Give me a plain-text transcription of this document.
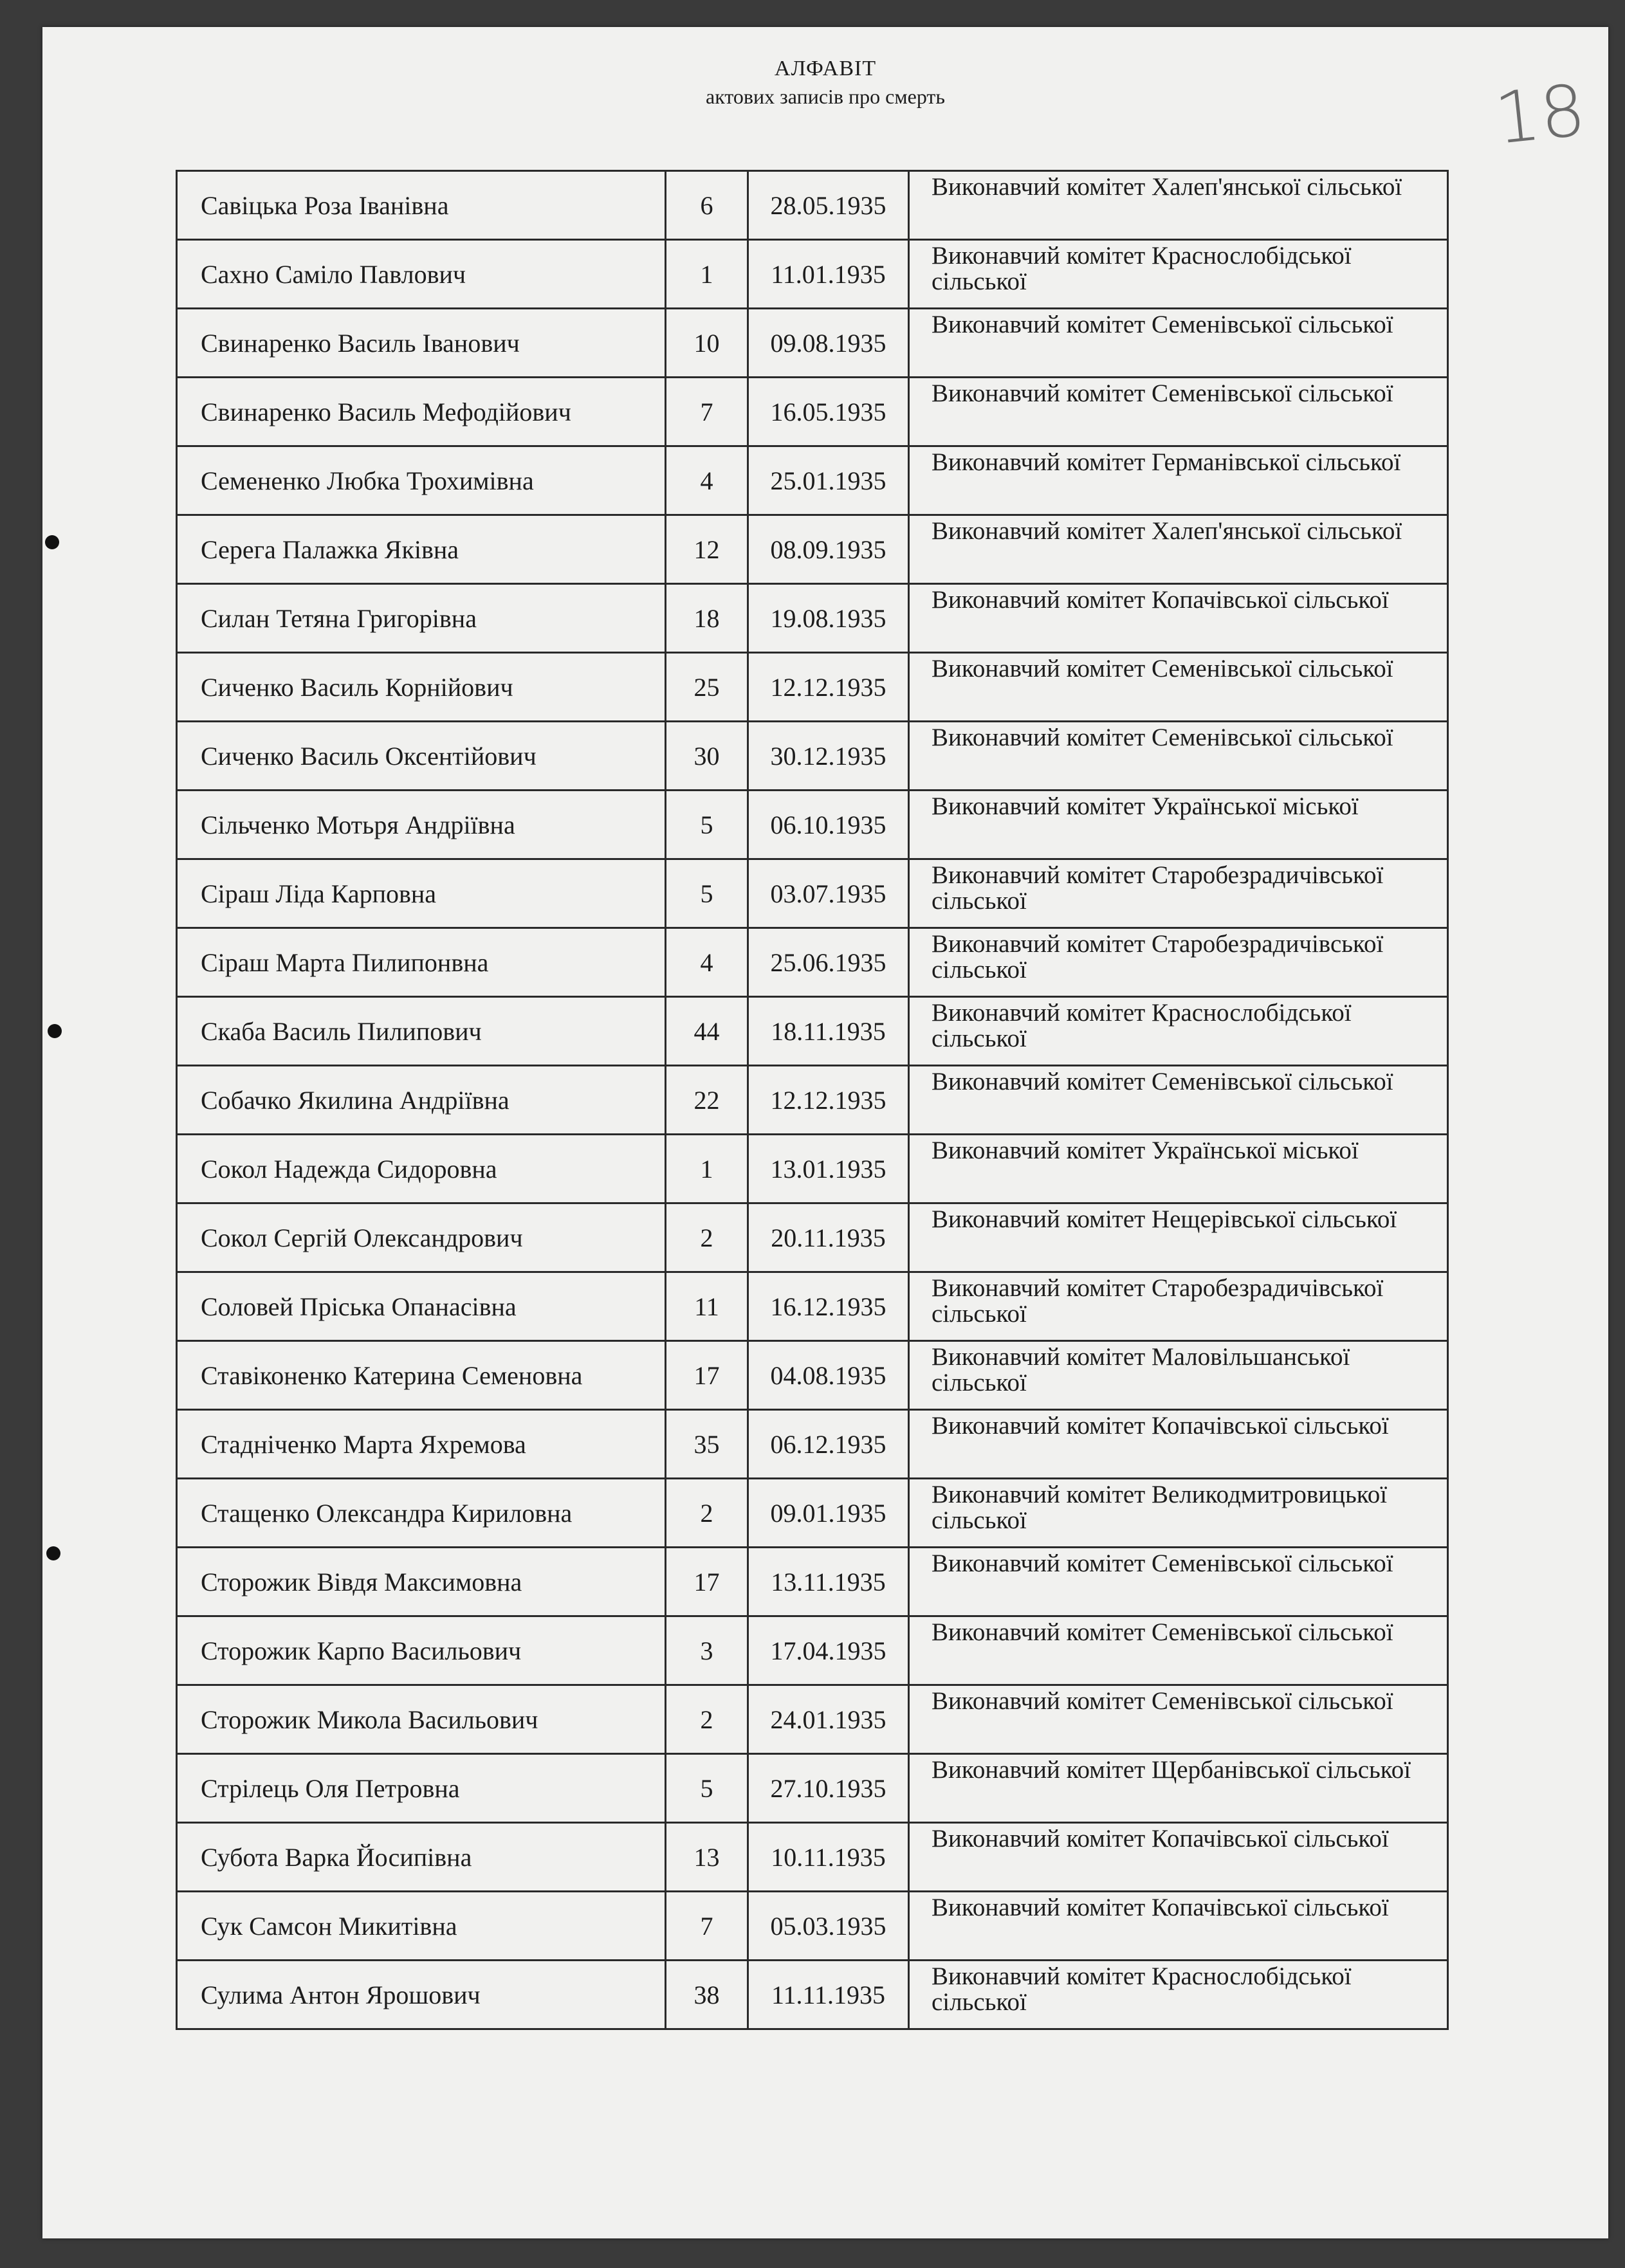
АЛФАВІТ
актових записів про смерть	18
Савіцька Роза Іванівна	6	28.05.1935	Виконавчий комітет Халеп'янської сільської
Сахно Саміло Павлович	1	11.01.1935	Виконавчий комітет Краснослобідської сільської
Свинаренко Василь Іванович	10	09.08.1935	Виконавчий комітет Семенівської сільської
Свинаренко Василь Мефодійович	7	16.05.1935	Виконавчий комітет Семенівської сільської
Семененко Любка Трохимівна	4	25.01.1935	Виконавчий комітет Германівської сільської
Серега Палажка Яківна	12	08.09.1935	Виконавчий комітет Халеп'янської сільської
Силан Тетяна Григорівна	18	19.08.1935	Виконавчий комітет Копачівської сільської
Сиченко Василь Корнійович	25	12.12.1935	Виконавчий комітет Семенівської сільської
Сиченко Василь Оксентійович	30	30.12.1935	Виконавчий комітет Семенівської сільської
Сільченко Мотьря Андріївна	5	06.10.1935	Виконавчий комітет Української міської
Сіраш Ліда Карповна	5	03.07.1935	Виконавчий комітет Старобезрадичівської сільської
Сіраш Марта Пилипонвна	4	25.06.1935	Виконавчий комітет Старобезрадичівської сільської
Скаба Василь Пилипович	44	18.11.1935	Виконавчий комітет Краснослобідської сільської
Собачко Якилина Андріївна	22	12.12.1935	Виконавчий комітет Семенівської сільської
Сокол Надежда Сидоровна	1	13.01.1935	Виконавчий комітет Української міської
Сокол Сергій Олександрович	2	20.11.1935	Виконавчий комітет Нещерівської сільської
Соловей Пріська Опанасівна	11	16.12.1935	Виконавчий комітет Старобезрадичівської сільської
Ставіконенко Катерина Семеновна	17	04.08.1935	Виконавчий комітет Маловільшанської сільської
Стадніченко Марта Яхремова	35	06.12.1935	Виконавчий комітет Копачівської сільської
Стащенко Олександра Кириловна	2	09.01.1935	Виконавчий комітет Великодмитровицької сільської
Сторожик Вівдя Максимовна	17	13.11.1935	Виконавчий комітет Семенівської сільської
Сторожик Карпо Васильович	3	17.04.1935	Виконавчий комітет Семенівської сільської
Сторожик Микола Васильович	2	24.01.1935	Виконавчий комітет Семенівської сільської
Стрілець Оля Петровна	5	27.10.1935	Виконавчий комітет Щербанівської сільської
Субота Варка Йосипівна	13	10.11.1935	Виконавчий комітет Копачівської сільської
Сук Самсон Микитівна	7	05.03.1935	Виконавчий комітет Копачівської сільської
Сулима Антон Ярошович	38	11.11.1935	Виконавчий комітет Краснослобідської сільської
